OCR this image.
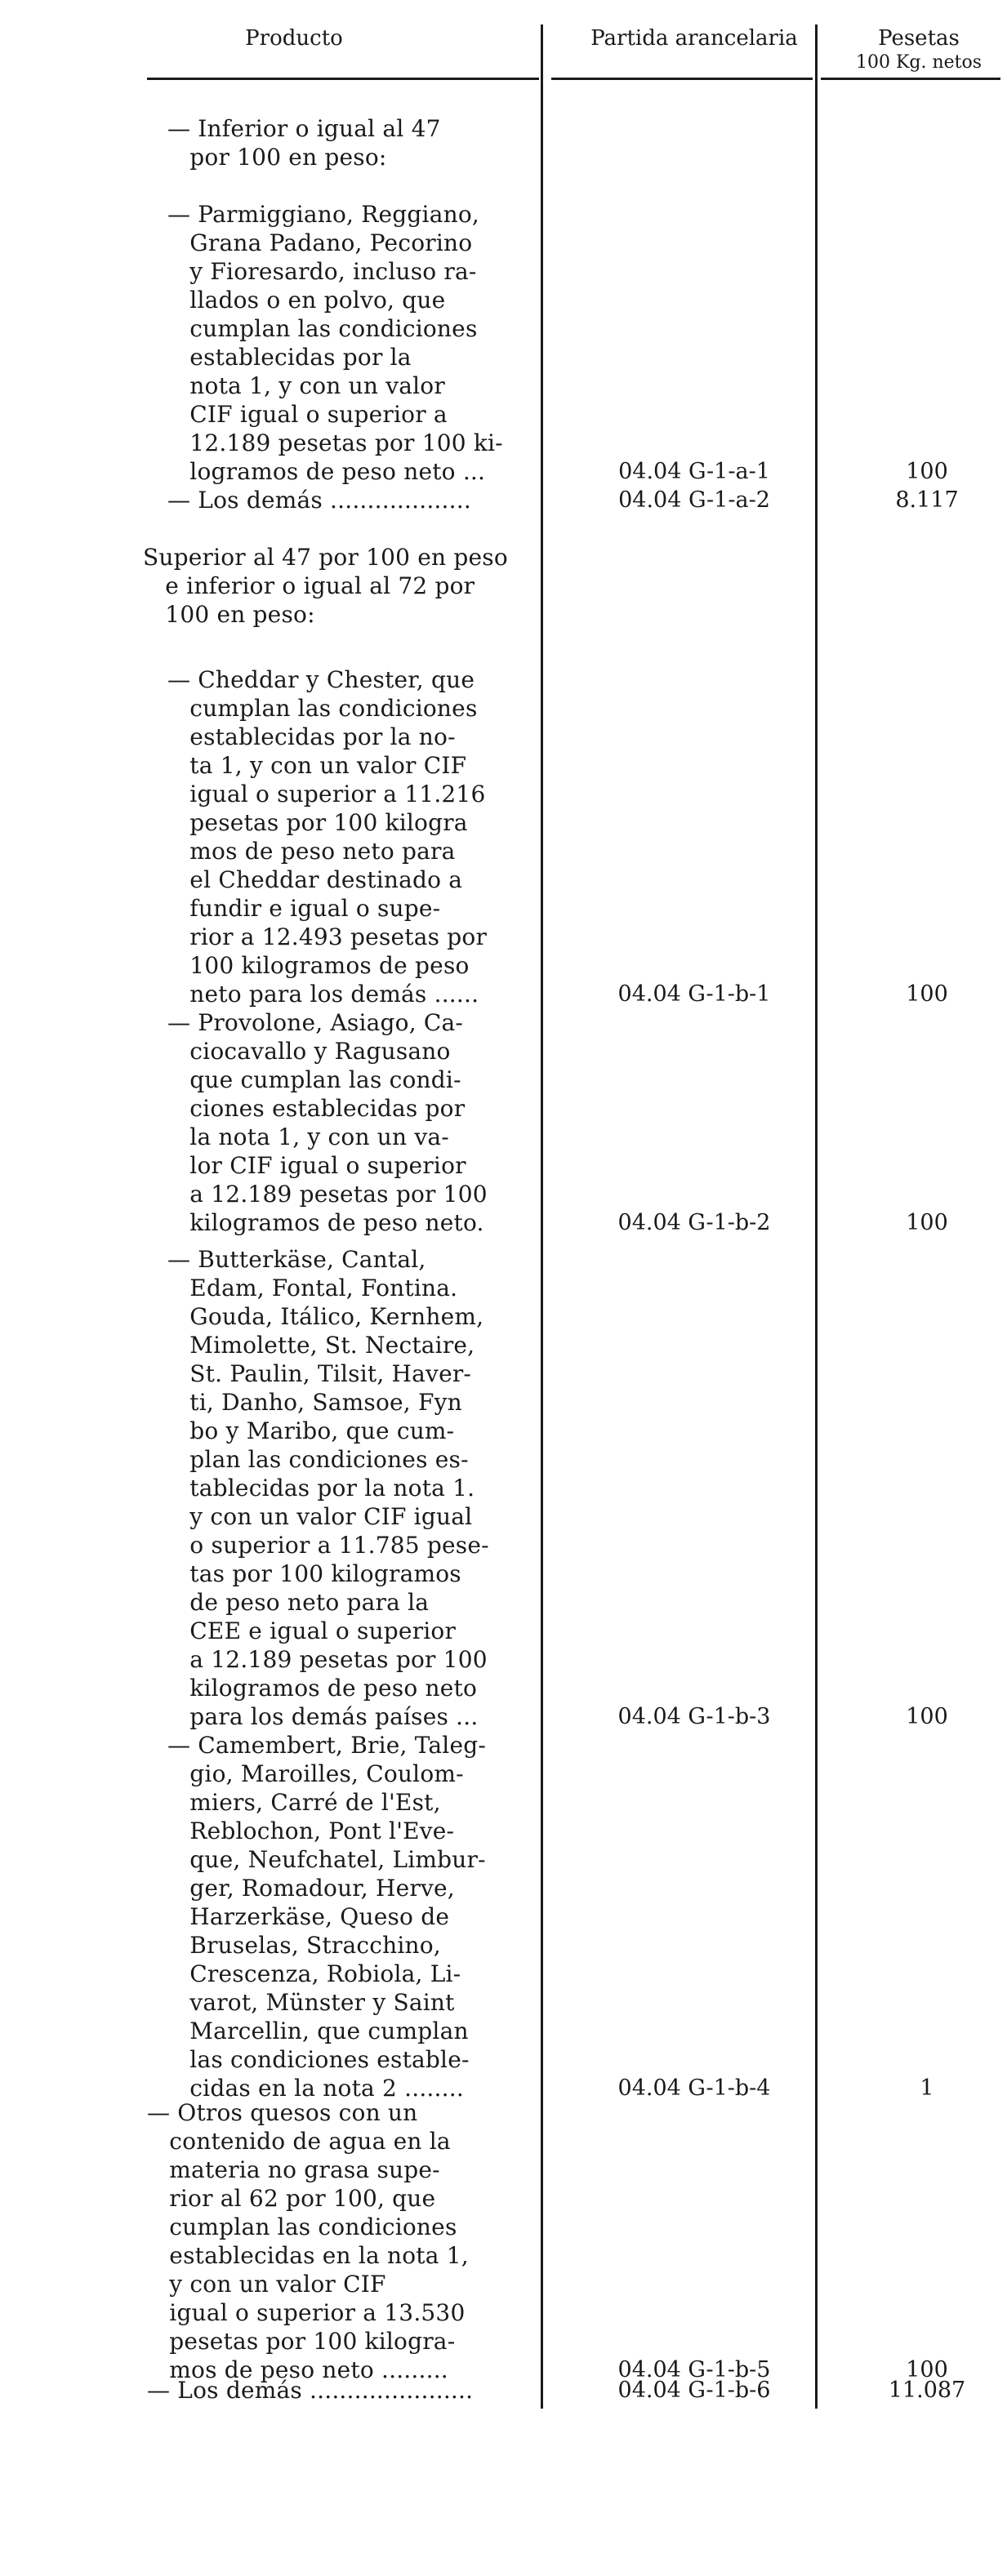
Producto	Partida arancelaria	Pesetas
100 Kg. netos
— Inferior o igual al 47
por 100 en peso:
— Parmiggiano, Reggiano,
Grana Padano, Pecorino
y Fioresardo, incluso ra-
llados o en polvo, que
cumplan las condiciones
establecidas por la
nota 1, y con un valor
CIF igual o superior a
12.189 pesetas por 100 ki-
logramos de peso neto ...	04.04 G-1-a-1	100
— Los demás ...................	04.04 G-1-a-2	8.117
Superior al 47 por 100 en peso
e inferior o igual al 72 por
100 en peso:
— Cheddar y Chester, que
cumplan las condiciones
establecidas por la no-
ta 1, y con un valor CIF
igual o superior a 11.216
pesetas por 100 kilogra
mos de peso neto para
el Cheddar destinado a
fundir e igual o supe-
rior a 12.493 pesetas por
100 kilogramos de peso
neto para los demás ......	04.04 G-1-b-1	100
— Provolone, Asiago, Ca-
ciocavallo y Ragusano
que cumplan las condi-
ciones establecidas por
la nota 1, y con un va-
lor CIF igual o superior
a 12.189 pesetas por 100
kilogramos de peso neto.	04.04 G-1-b-2	100
— Butterkäse, Cantal,
Edam, Fontal, Fontina.
Gouda, Itálico, Kernhem,
Mimolette, St. Nectaire,
St. Paulin, Tilsit, Haver-
ti, Danho, Samsoe, Fyn
bo y Maribo, que cum-
plan las condiciones es-
tablecidas por la nota 1.
y con un valor CIF igual
o superior a 11.785 pese-
tas por 100 kilogramos
de peso neto para la
CEE e igual o superior
a 12.189 pesetas por 100
kilogramos de peso neto
para los demás países ...	04.04 G-1-b-3	100
— Camembert, Brie, Taleg-
gio, Maroilles, Coulom-
miers, Carré de l'Est,
Reblochon, Pont l'Eve-
que, Neufchatel, Limbur-
ger, Romadour, Herve,
Harzerkäse, Queso de
Bruselas, Stracchino,
Crescenza, Robiola, Li-
varot, Münster y Saint
Marcellin, que cumplan
las condiciones estable-
cidas en la nota 2 ........	04.04 G-1-b-4	1
— Otros quesos con un
contenido de agua en la
materia no grasa supe-
rior al 62 por 100, que
cumplan las condiciones
establecidas en la nota 1,
y con un valor CIF
igual o superior a 13.530
pesetas por 100 kilogra-
mos de peso neto .........	04.04 G-1-b-5	100
— Los demás ......................	04.04 G-1-b-6	11.087
